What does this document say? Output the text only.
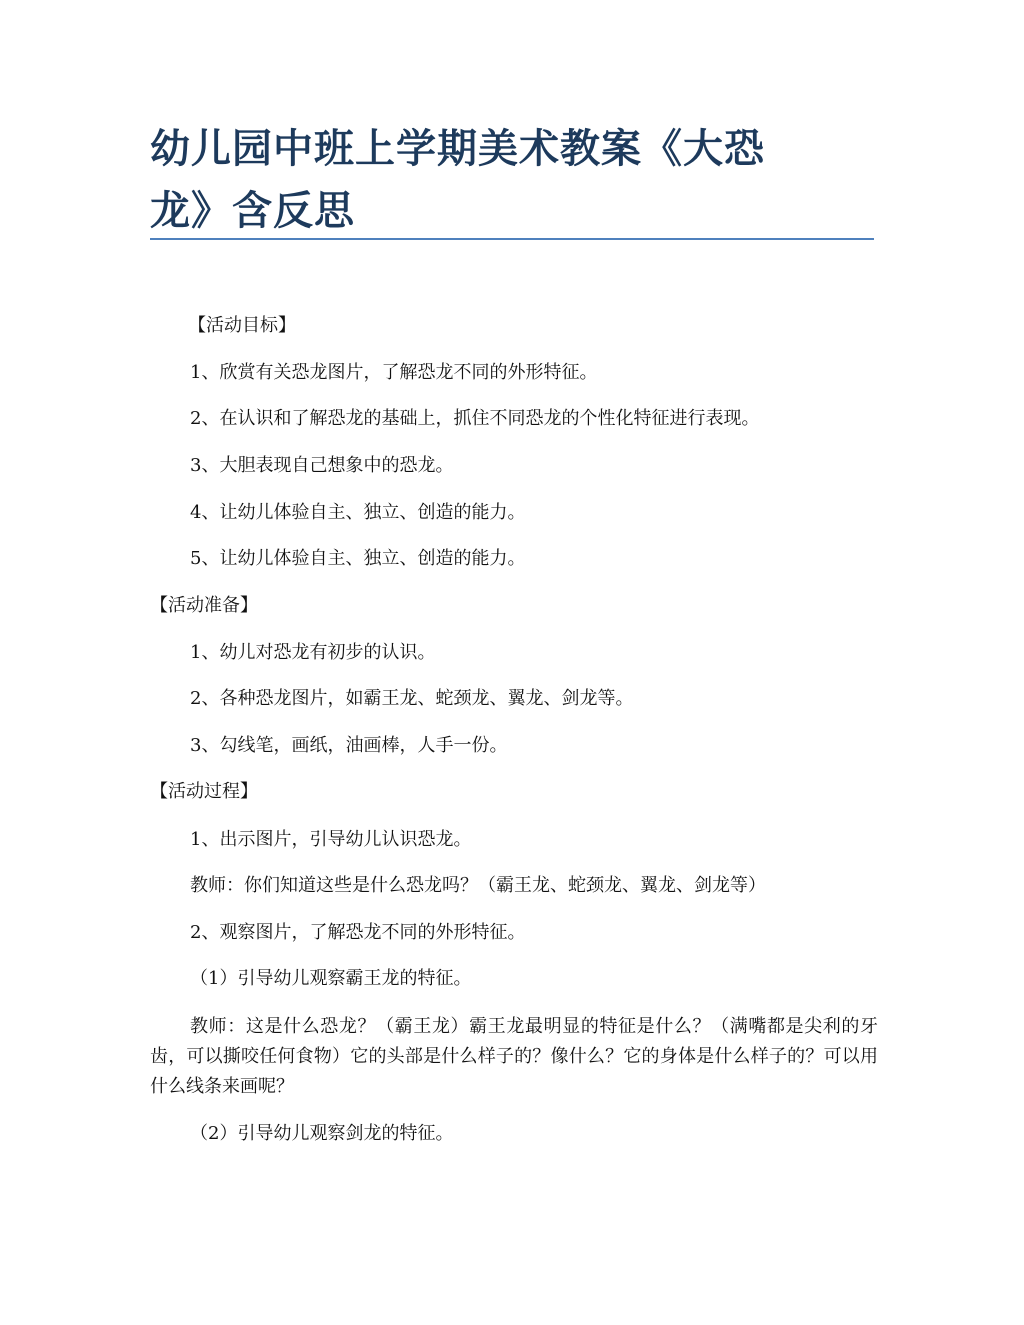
幼儿园中班上学期美术教案《大恐
龙》含反思

【活动目标】

1、欣赏有关恐龙图片，了解恐龙不同的外形特征。

2、在认识和了解恐龙的基础上，抓住不同恐龙的个性化特征进行表现。

3、大胆表现自己想象中的恐龙。

4、让幼儿体验自主、独立、创造的能力。

5、让幼儿体验自主、独立、创造的能力。

【活动准备】

1、幼儿对恐龙有初步的认识。

2、各种恐龙图片，如霸王龙、蛇颈龙、翼龙、剑龙等。

3、勾线笔，画纸，油画棒，人手一份。

【活动过程】

1、出示图片，引导幼儿认识恐龙。

教师：你们知道这些是什么恐龙吗？（霸王龙、蛇颈龙、翼龙、剑龙等）

2、观察图片，了解恐龙不同的外形特征。

（1）引导幼儿观察霸王龙的特征。

教师：这是什么恐龙？（霸王龙）霸王龙最明显的特征是什么？（满嘴都是尖利的牙齿，可以撕咬任何食物）它的头部是什么样子的？像什么？它的身体是什么样子的？可以用什么线条来画呢？

（2）引导幼儿观察剑龙的特征。
